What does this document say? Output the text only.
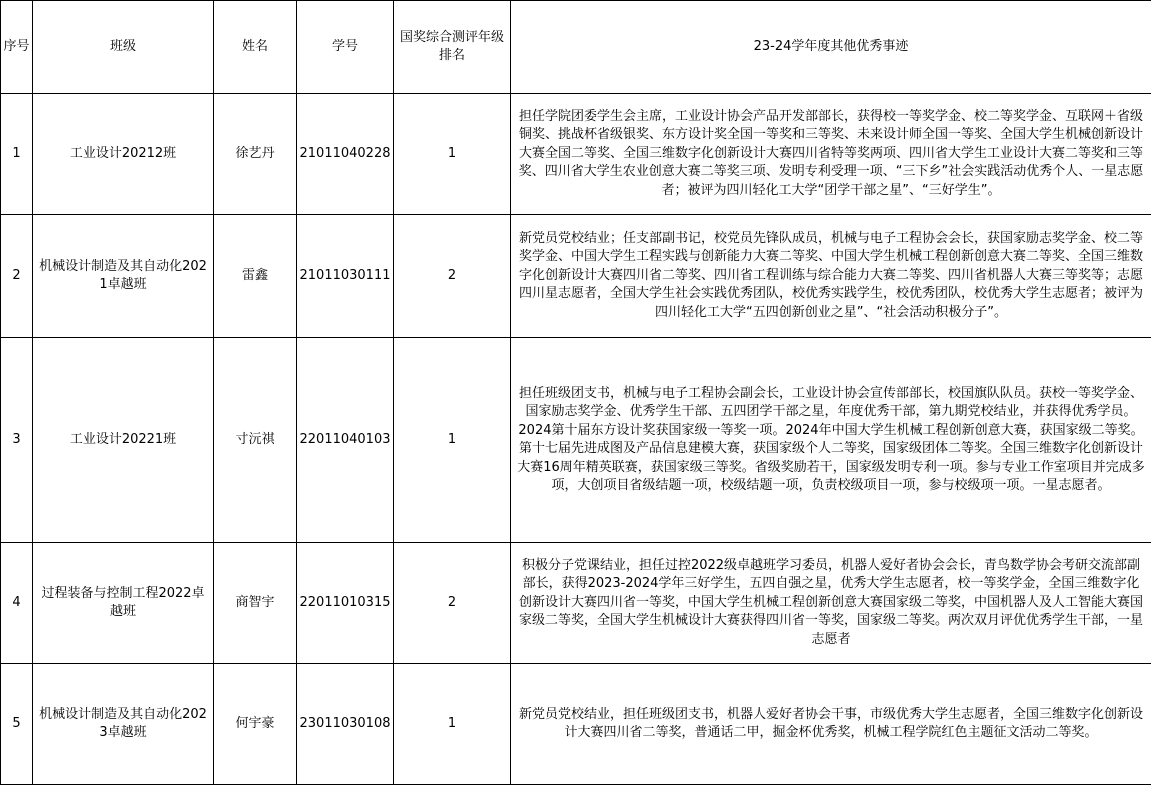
序号	班级	姓名	学号	国奖综合测评年级排名	23-24学年度其他优秀事迹
1	工业设计20212班	徐艺丹	21011040228	1	担任学院团委学生会主席，工业设计协会产品开发部部长，获得校一等奖学金、校二等奖学金、互联网＋省级铜奖、挑战杯省级银奖、东方设计奖全国一等奖和三等奖、未来设计师全国一等奖、全国大学生机械创新设计大赛全国二等奖、全国三维数字化创新设计大赛四川省特等奖两项、四川省大学生工业设计大赛二等奖和三等奖、四川省大学生农业创意大赛二等奖三项、发明专利受理一项、“三下乡”社会实践活动优秀个人、一星志愿者；被评为四川轻化工大学“团学干部之星”、“三好学生”。

2	机械设计制造及其自动化2021卓越班	雷鑫	21011030111	2	新党员党校结业；任支部副书记，校党员先锋队成员，机械与电子工程协会会长，获国家励志奖学金、校二等奖学金、中国大学生工程实践与创新能力大赛二等奖、中国大学生机械工程创新创意大赛二等奖、全国三维数字化创新设计大赛四川省二等奖、四川省工程训练与综合能力大赛二等奖、四川省机器人大赛三等奖等；志愿四川星志愿者，全国大学生社会实践优秀团队，校优秀实践学生，校优秀团队，校优秀大学生志愿者；被评为四川轻化工大学“五四创新创业之星”、“社会活动积极分子”。

3	工业设计20221班	寸沅祺	22011040103	1	担任班级团支书，机械与电子工程协会副会长，工业设计协会宣传部部长，校国旗队队员。获校一等奖学金、国家励志奖学金、优秀学生干部、五四团学干部之星，年度优秀干部，第九期党校结业，并获得优秀学员。
2024第十届东方设计奖获国家级一等奖一项。2024年中国大学生机械工程创新创意大赛，获国家级二等奖。第十七届先进成图及产品信息建模大赛，获国家级个人二等奖，国家级团体二等奖。全国三维数字化创新设计大赛16周年精英联赛，获国家级三等奖。省级奖励若干，国家级发明专利一项。参与专业工作室项目并完成多项，大创项目省级结题一项，校级结题一项，负责校级项目一项，参与校级项一项。一星志愿者。

4	过程装备与控制工程2022卓越班	商智宇	22011010315	2	积极分子党课结业，担任过控2022级卓越班学习委员，机器人爱好者协会会长，青鸟数学协会考研交流部副部长，获得2023-2024学年三好学生，五四自强之星，优秀大学生志愿者，校一等奖学金，全国三维数字化创新设计大赛四川省一等奖，中国大学生机械工程创新创意大赛国家级二等奖，中国机器人及人工智能大赛国家级二等奖，全国大学生机械设计大赛获得四川省一等奖，国家级二等奖。两次双月评优优秀学生干部，一星志愿者

5	机械设计制造及其自动化2023卓越班	何宇豪	23011030108	1	新党员党校结业，担任班级团支书，机器人爱好者协会干事，市级优秀大学生志愿者，全国三维数字化创新设计大赛四川省二等奖，普通话二甲，掘金杯优秀奖，机械工程学院红色主题征文活动二等奖。
